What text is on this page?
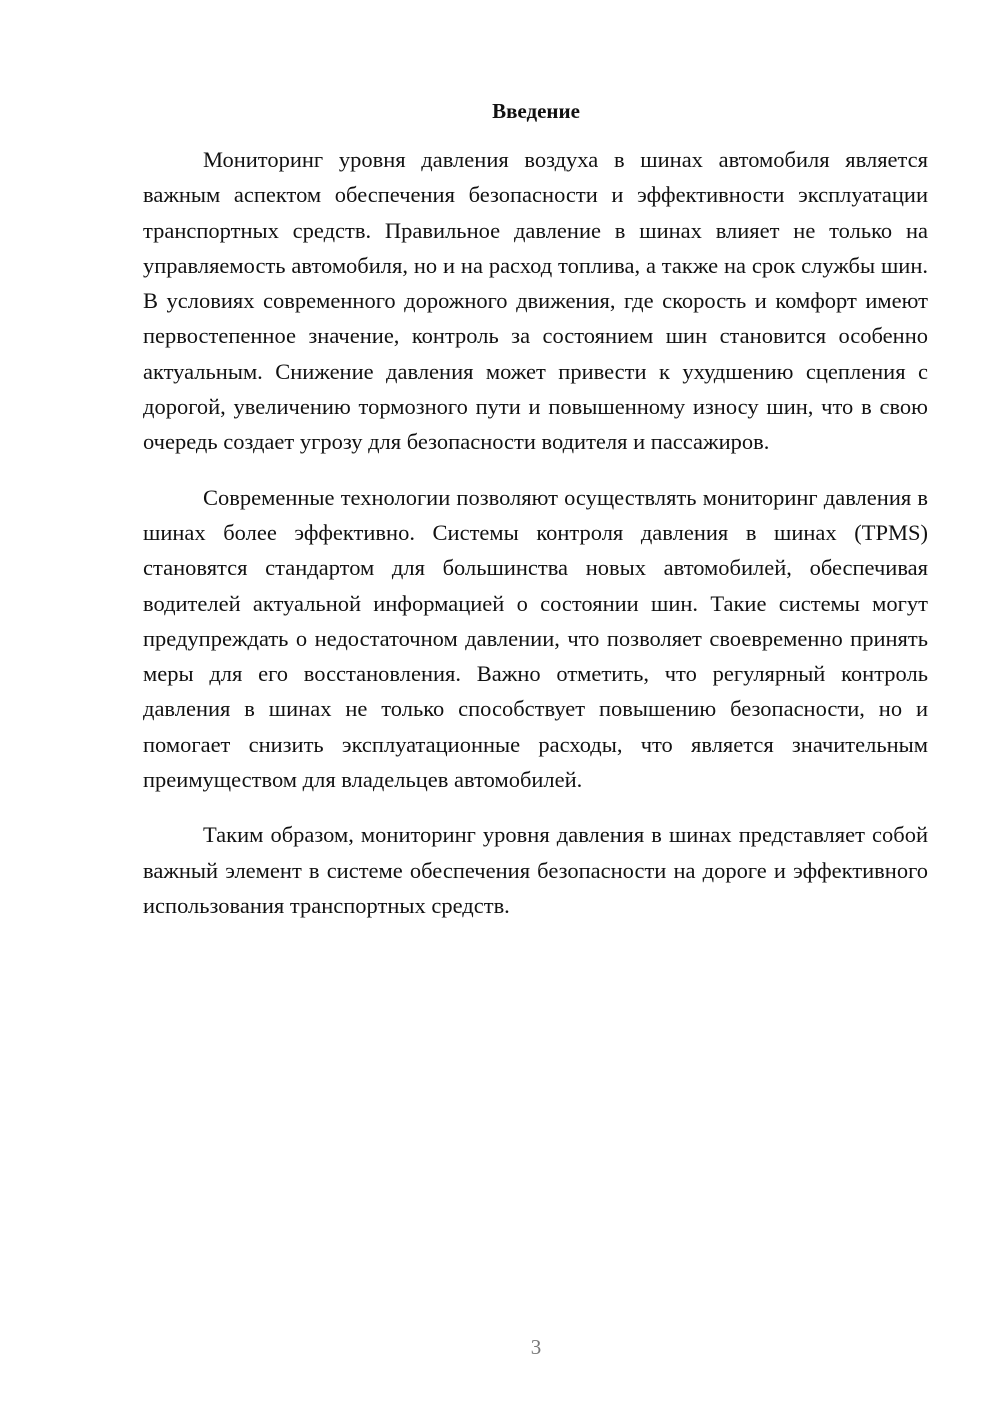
Введение

Мониторинг уровня давления воздуха в шинах автомобиля является важным аспектом обеспечения безопасности и эффективности эксплуатации транспортных средств. Правильное давление в шинах влияет не только на управляемость автомобиля, но и на расход топлива, а также на срок службы шин. В условиях современного дорожного движения, где скорость и комфорт имеют первостепенное значение, контроль за состоянием шин становится особенно актуальным. Снижение давления может привести к ухудшению сцепления с дорогой, увеличению тормозного пути и повышенному износу шин, что в свою очередь создает угрозу для безопасности водителя и пассажиров.

Современные технологии позволяют осуществлять мониторинг давления в шинах более эффективно. Системы контроля давления в шинах (TPMS) становятся стандартом для большинства новых автомобилей, обеспечивая водителей актуальной информацией о состоянии шин. Такие системы могут предупреждать о недостаточном давлении, что позволяет своевременно принять меры для его восстановления. Важно отметить, что регулярный контроль давления в шинах не только способствует повышению безопасности, но и помогает снизить эксплуатационные расходы, что является значительным преимуществом для владельцев автомобилей.

Таким образом, мониторинг уровня давления в шинах представляет собой важный элемент в системе обеспечения безопасности на дороге и эффективного использования транспортных средств.

3
